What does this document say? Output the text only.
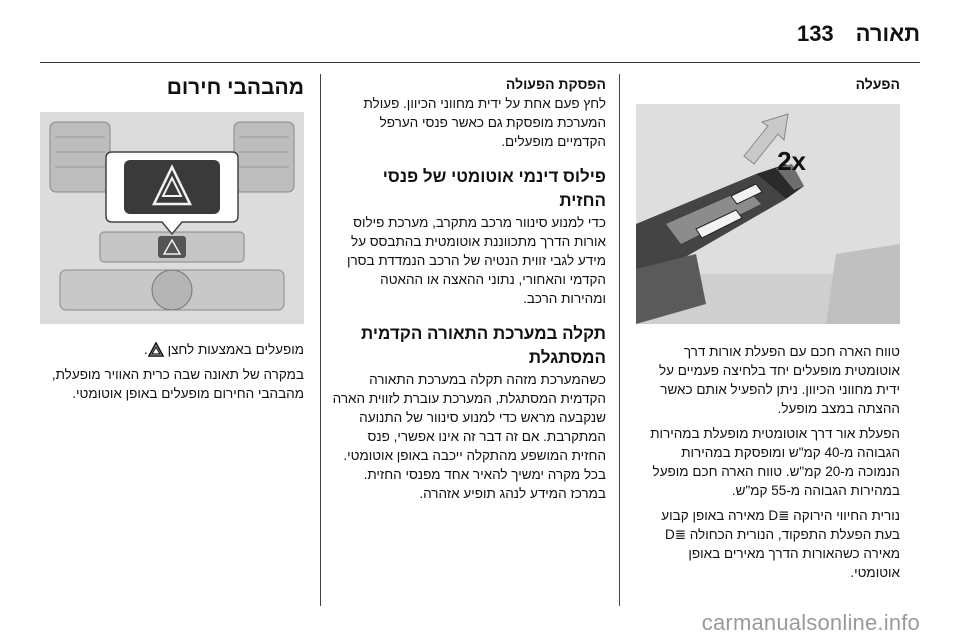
תאורה
133
הפעלה
2x

טווח הארה חכם עם הפעלת אורות דרך אוטומטית מופעלים יחד בלחיצה פעמיים על ידית מחווני הכיוון. ניתן להפעיל אותם כאשר ההצתה במצב מופעל.

הפעלת אור דרך אוטומטית מופעלת במהירות הגבוהה מ-40 קמ"ש ומופסקת במהירות הנמוכה מ-20 קמ"ש. טווח הארה חכם מופעל במהירות הגבוהה מ-55 קמ"ש.

נורית החיווי הירוקה ≣D מאירה באופן קבוע בעת הפעלת התפקוד, הנורית הכחולה ≣D מאירה כשהאורות הדרך מאירים באופן אוטומטי.

הפסקת הפעולה

לחץ פעם אחת על ידית מחווני הכיוון. פעולת המערכת מופסקת גם כאשר פנסי הערפל הקדמיים מופעלים.

פילוס דינמי אוטומטי של פנסי החזית

כדי למנוע סינוור מרכב מתקרב, מערכת פילוס אורות הדרך מתכווננת אוטומטית בהתבסס על מידע לגבי זווית הנטיה של הרכב הנמדדת בסרן הקדמי והאחורי, נתוני ההאצה או ההאטה ומהירות הרכב.

תקלה במערכת התאורה הקדמית המסתגלת

כשהמערכת מזהה תקלה במערכת התאורה הקדמית המסתגלת, המערכת עוברת לזווית הארה שנקבעה מראש כדי למנוע סינוור של התנועה המתקרבת. אם זה דבר זה אינו אפשרי, פנס החזית המושפע מהתקלה ייכבה באופן אוטומטי. בכל מקרה ימשיך להאיר אחד מפנסי החזית. במרכז המידע לנהג תופיע אזהרה.

מהבהבי חירום

מופעלים באמצעות לחצן .

במקרה של תאונה שבה כרית האוויר מופעלת, מהבהבי החירום מופעלים באופן אוטומטי.

carmanualsonline.info
